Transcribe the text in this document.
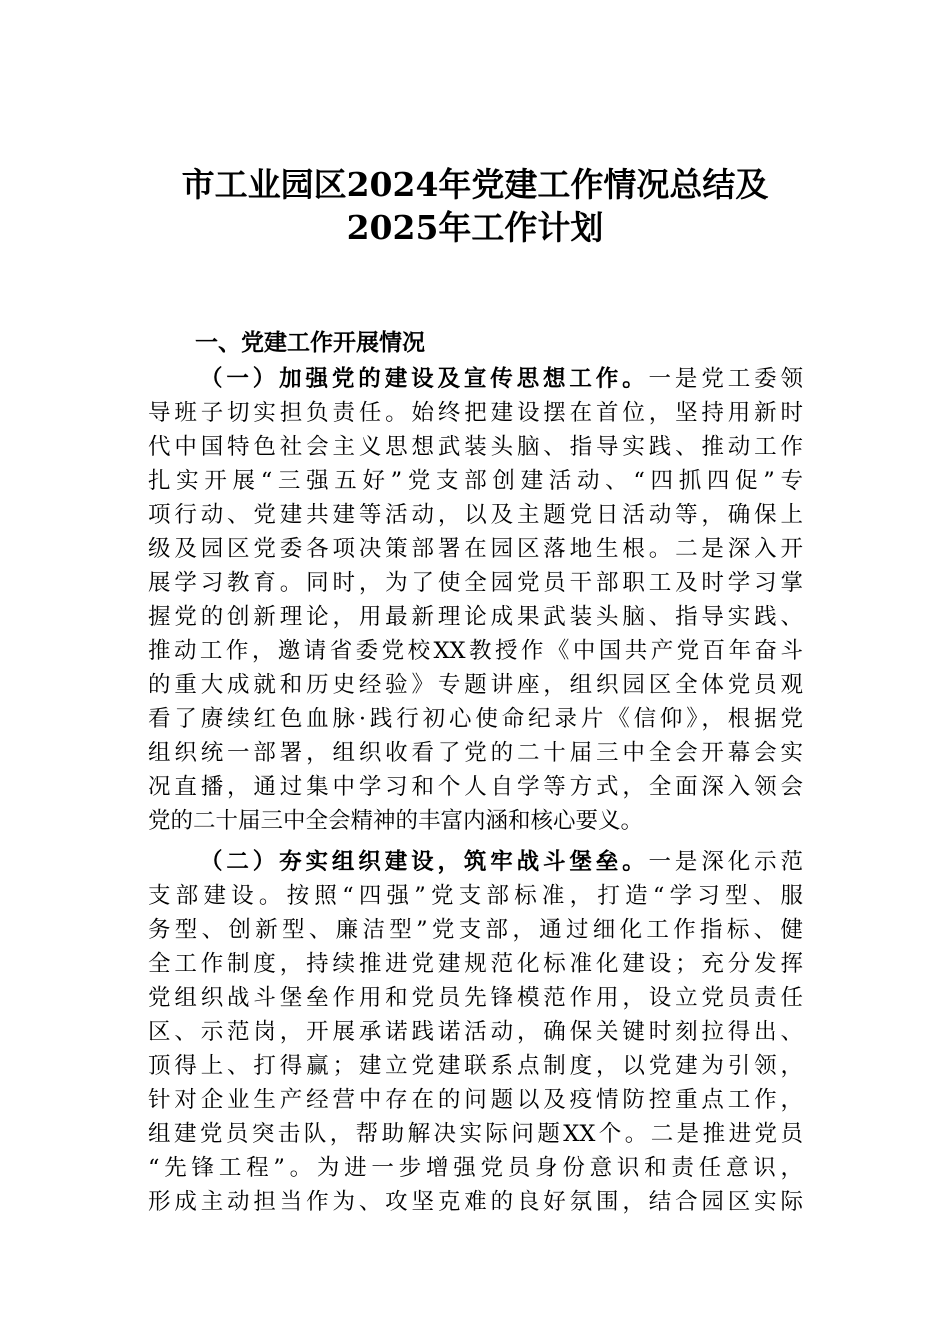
市工业园区2024年党建工作情况总结及
2025年工作计划
一、党建工作开展情况
（一）加强党的建设及宣传思想工作。一是党工委领
导班子切实担负责任。始终把建设摆在首位，坚持用新时
代中国特色社会主义思想武装头脑、指导实践、推动工作
扎实开展“三强五好”党支部创建活动、“四抓四促”专
项行动、党建共建等活动，以及主题党日活动等，确保上
级及园区党委各项决策部署在园区落地生根。二是深入开
展学习教育。同时，为了使全园党员干部职工及时学习掌
握党的创新理论，用最新理论成果武装头脑、指导实践、
推动工作，邀请省委党校XX教授作《中国共产党百年奋斗
的重大成就和历史经验》专题讲座，组织园区全体党员观
看了赓续红色血脉·践行初心使命纪录片《信仰》，根据党
组织统一部署，组织收看了党的二十届三中全会开幕会实
况直播，通过集中学习和个人自学等方式，全面深入领会
党的二十届三中全会精神的丰富内涵和核心要义。
（二）夯实组织建设，筑牢战斗堡垒。一是深化示范
支部建设。按照“四强”党支部标准，打造“学习型、服
务型、创新型、廉洁型”党支部，通过细化工作指标、健
全工作制度，持续推进党建规范化标准化建设；充分发挥
党组织战斗堡垒作用和党员先锋模范作用，设立党员责任
区、示范岗，开展承诺践诺活动，确保关键时刻拉得出、
顶得上、打得赢；建立党建联系点制度，以党建为引领，
针对企业生产经营中存在的问题以及疫情防控重点工作，
组建党员突击队，帮助解决实际问题XX个。二是推进党员
“先锋工程”。为进一步增强党员身份意识和责任意识，
形成主动担当作为、攻坚克难的良好氛围，结合园区实际
